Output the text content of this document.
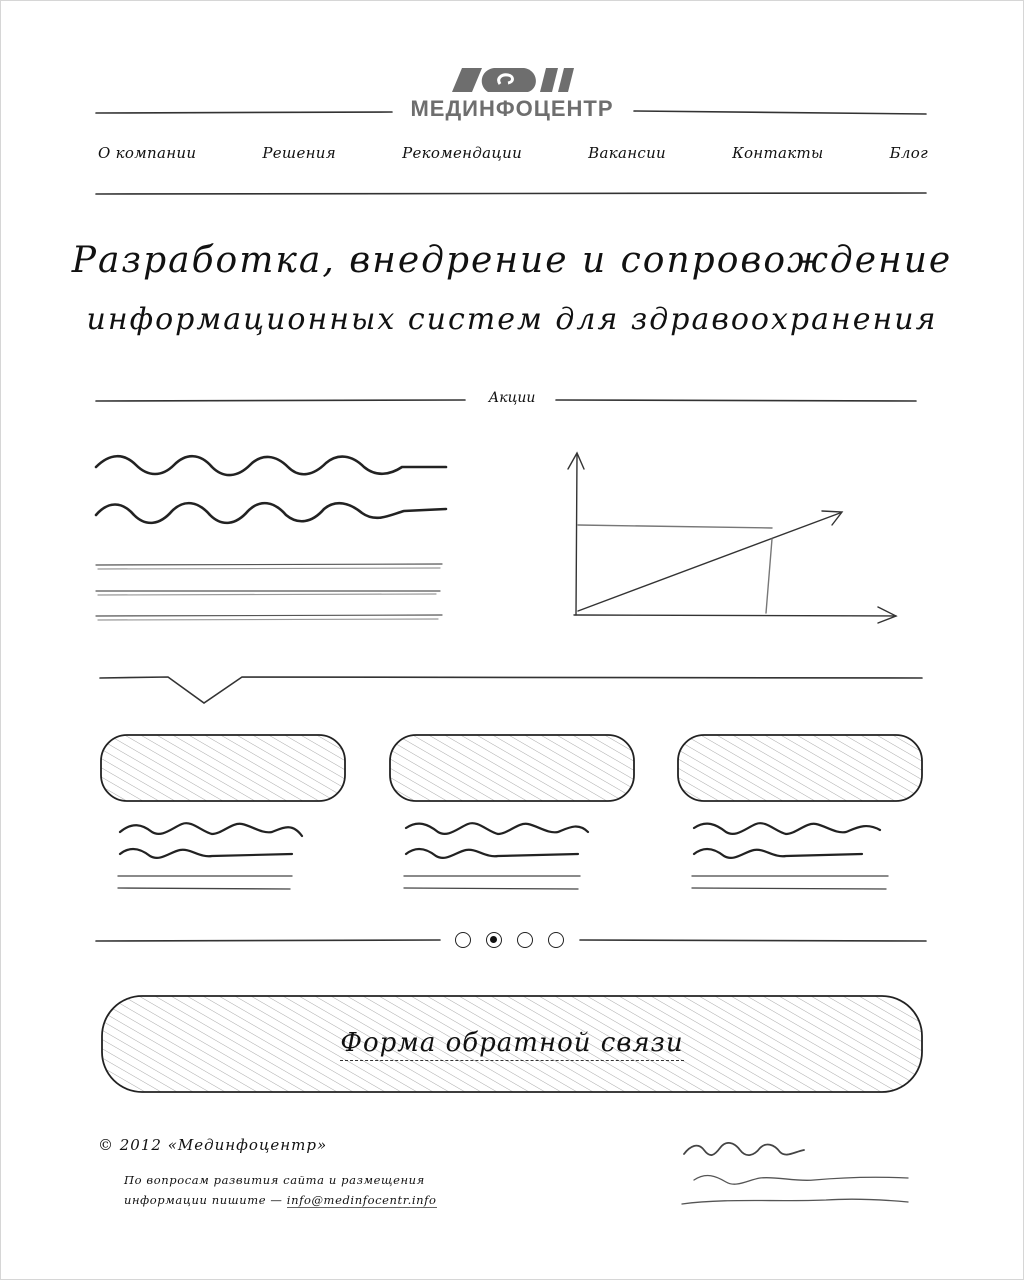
МЕДИНФОЦЕНТР
О компании	Решения	Рекомендации	Вакансии	Контакты	Блог
Разработка, внедрение и сопровождение
информационных систем для здравоохранения
Акции
Форма обратной связи
© 2012 «Мединфоцентр»
По вопросам развития сайта и размещения информации пишите — info@medinfocentr.info
